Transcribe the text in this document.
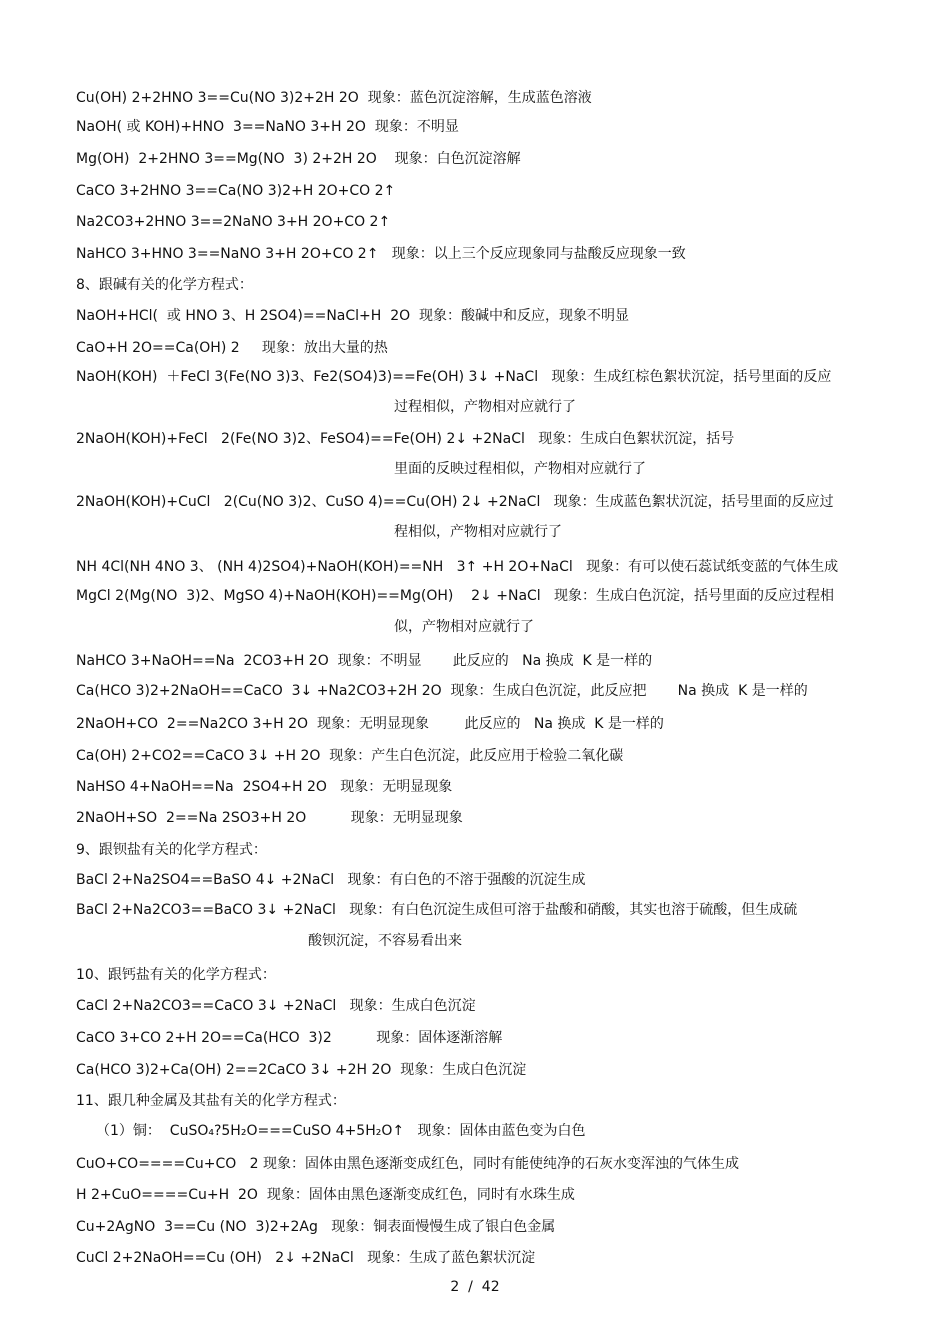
Cu(OH) 2+2HNO 3==Cu(NO 3)2+2H 2O  现象：蓝色沉淀溶解，生成蓝色溶液
NaOH( 或 KOH)+HNO  3==NaNO 3+H 2O  现象：不明显
Mg(OH)  2+2HNO 3==Mg(NO  3) 2+2H 2O    现象：白色沉淀溶解
CaCO 3+2HNO 3==Ca(NO 3)2+H 2O+CO 2↑
Na2CO3+2HNO 3==2NaNO 3+H 2O+CO 2↑
NaHCO 3+HNO 3==NaNO 3+H 2O+CO 2↑   现象：以上三个反应现象同与盐酸反应现象一致
8、跟碱有关的化学方程式：
NaOH+HCl(  或 HNO 3、H 2SO4)==NaCl+H  2O  现象：酸碱中和反应，现象不明显
CaO+H 2O==Ca(OH) 2     现象：放出大量的热
NaOH(KOH)  ＋FeCl 3(Fe(NO 3)3、Fe2(SO4)3)==Fe(OH) 3↓ +NaCl   现象：生成红棕色絮状沉淀，括号里面的反应
过程相似，产物相对应就行了
2NaOH(KOH)+FeCl   2(Fe(NO 3)2、FeSO4)==Fe(OH) 2↓ +2NaCl   现象：生成白色絮状沉淀，括号
里面的反映过程相似，产物相对应就行了
2NaOH(KOH)+CuCl   2(Cu(NO 3)2、CuSO 4)==Cu(OH) 2↓ +2NaCl   现象：生成蓝色絮状沉淀，括号里面的反应过
程相似，产物相对应就行了
NH 4Cl(NH 4NO 3、 (NH 4)2SO4)+NaOH(KOH)==NH   3↑ +H 2O+NaCl   现象：有可以使石蕊试纸变蓝的气体生成
MgCl 2(Mg(NO  3)2、MgSO 4)+NaOH(KOH)==Mg(OH)    2↓ +NaCl   现象：生成白色沉淀，括号里面的反应过程相
似，产物相对应就行了
NaHCO 3+NaOH==Na  2CO3+H 2O  现象：不明显       此反应的   Na 换成  K 是一样的
Ca(HCO 3)2+2NaOH==CaCO  3↓ +Na2CO3+2H 2O  现象：生成白色沉淀，此反应把       Na 换成  K 是一样的
2NaOH+CO  2==Na2CO 3+H 2O  现象：无明显现象        此反应的   Na 换成  K 是一样的
Ca(OH) 2+CO2==CaCO 3↓ +H 2O  现象：产生白色沉淀，此反应用于检验二氧化碳
NaHSO 4+NaOH==Na  2SO4+H 2O   现象：无明显现象
2NaOH+SO  2==Na 2SO3+H 2O          现象：无明显现象
9、跟钡盐有关的化学方程式：
BaCl 2+Na2SO4==BaSO 4↓ +2NaCl   现象：有白色的不溶于强酸的沉淀生成
BaCl 2+Na2CO3==BaCO 3↓ +2NaCl   现象：有白色沉淀生成但可溶于盐酸和硝酸，其实也溶于硫酸，但生成硫
酸钡沉淀，不容易看出来
10、跟钙盐有关的化学方程式：
CaCl 2+Na2CO3==CaCO 3↓ +2NaCl   现象：生成白色沉淀
CaCO 3+CO 2+H 2O==Ca(HCO  3)2          现象：固体逐渐溶解
Ca(HCO 3)2+Ca(OH) 2==2CaCO 3↓ +2H 2O  现象：生成白色沉淀
11、跟几种金属及其盐有关的化学方程式：
（1）铜：  CuSO₄?5H₂O===CuSO 4+5H₂O↑   现象：固体由蓝色变为白色
CuO+CO====Cu+CO   2 现象：固体由黑色逐渐变成红色，同时有能使纯净的石灰水变浑浊的气体生成
H 2+CuO====Cu+H  2O  现象：固体由黑色逐渐变成红色，同时有水珠生成
Cu+2AgNO  3==Cu (NO  3)2+2Ag   现象：铜表面慢慢生成了银白色金属
CuCl 2+2NaOH==Cu (OH)   2↓ +2NaCl   现象：生成了蓝色絮状沉淀
2  /  42
